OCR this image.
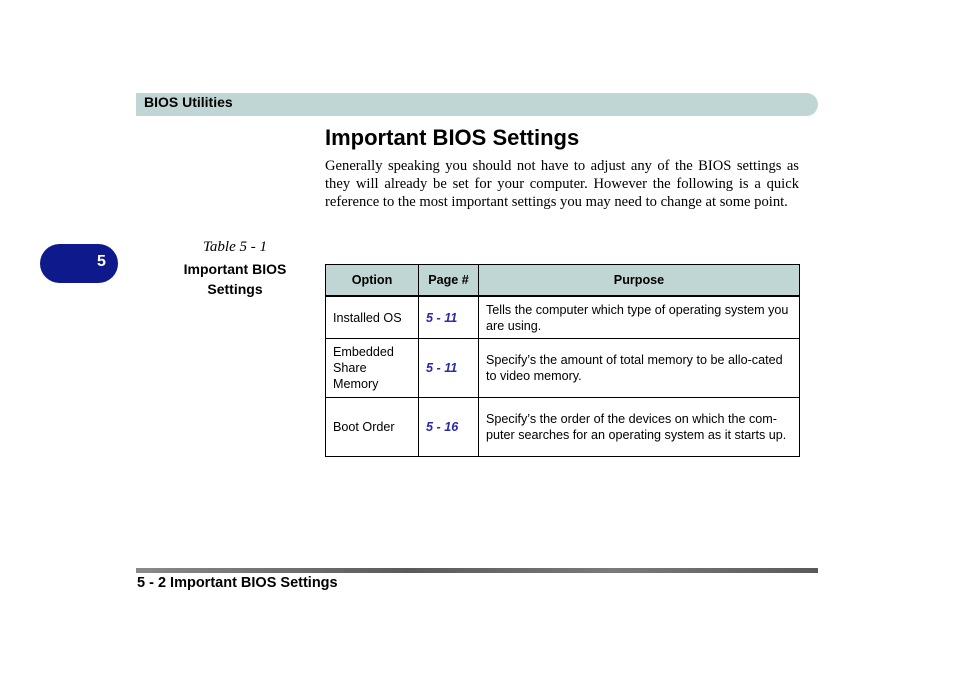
BIOS Utilities
5
Important BIOS Settings
Generally speaking you should not have to adjust any of the BIOS settings as they will already be set for your computer. However the following is a quick reference to the most important settings you may need to change at some point.
Table 5 - 1
Important BIOS Settings
Option	Page #	Purpose
Installed OS	5 - 11	Tells the computer which type of operating system you are using.
Embedded Share Memory	5 - 11	Specify’s the amount of total memory to be allo-cated to video memory.
Boot Order	5 - 16	Specify’s the order of the devices on which the com-puter searches for an operating system as it starts up.
5 - 2 Important BIOS Settings
